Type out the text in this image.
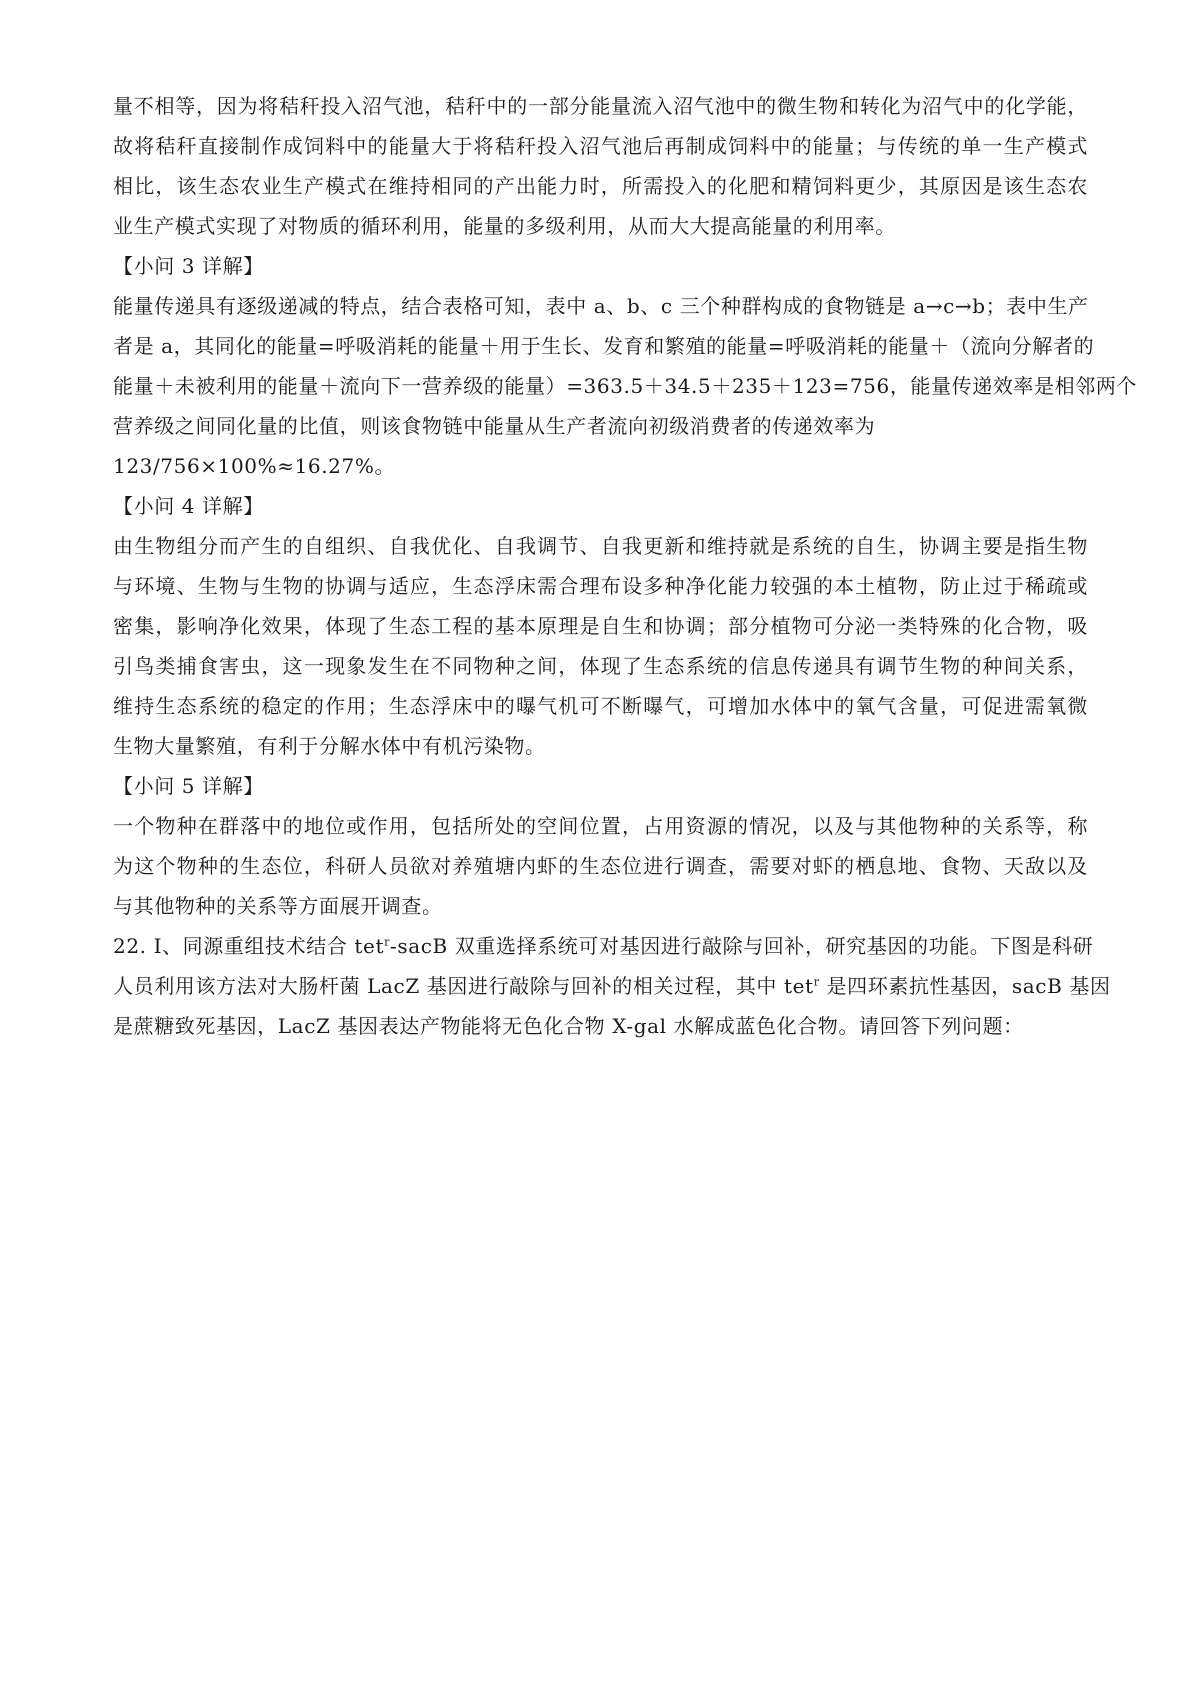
量不相等，因为将秸秆投入沼气池，秸秆中的一部分能量流入沼气池中的微生物和转化为沼气中的化学能，
故将秸秆直接制作成饲料中的能量大于将秸秆投入沼气池后再制成饲料中的能量；与传统的单一生产模式
相比，该生态农业生产模式在维持相同的产出能力时，所需投入的化肥和精饲料更少，其原因是该生态农
业生产模式实现了对物质的循环利用，能量的多级利用，从而大大提高能量的利用率。

【小问 3 详解】

能量传递具有逐级递减的特点，结合表格可知，表中 a、b、c 三个种群构成的食物链是 a→c→b；表中生产
者是 a，其同化的能量=呼吸消耗的能量＋用于生长、发育和繁殖的能量=呼吸消耗的能量＋（流向分解者的
能量＋未被利用的能量＋流向下一营养级的能量）=363.5＋34.5＋235＋123=756，能量传递效率是相邻两个
营养级之间同化量的比值，则该食物链中能量从生产者流向初级消费者的传递效率为
123/756×100%≈16.27%。

【小问 4 详解】

由生物组分而产生的自组织、自我优化、自我调节、自我更新和维持就是系统的自生，协调主要是指生物
与环境、生物与生物的协调与适应，生态浮床需合理布设多种净化能力较强的本土植物，防止过于稀疏或
密集，影响净化效果，体现了生态工程的基本原理是自生和协调；部分植物可分泌一类特殊的化合物，吸
引鸟类捕食害虫，这一现象发生在不同物种之间，体现了生态系统的信息传递具有调节生物的种间关系，
维持生态系统的稳定的作用；生态浮床中的曝气机可不断曝气，可增加水体中的氧气含量，可促进需氧微
生物大量繁殖，有利于分解水体中有机污染物。

【小问 5 详解】

一个物种在群落中的地位或作用，包括所处的空间位置，占用资源的情况，以及与其他物种的关系等，称
为这个物种的生态位，科研人员欲对养殖塘内虾的生态位进行调查，需要对虾的栖息地、食物、天敌以及
与其他物种的关系等方面展开调查。

22. Ⅰ、同源重组技术结合 tet$^r$-sacB 双重选择系统可对基因进行敲除与回补，研究基因的功能。下图是科研
人员利用该方法对大肠杆菌 LacZ 基因进行敲除与回补的相关过程，其中 tet$^r$ 是四环素抗性基因，sacB 基因
是蔗糖致死基因，LacZ 基因表达产物能将无色化合物 X-gal 水解成蓝色化合物。请回答下列问题：
